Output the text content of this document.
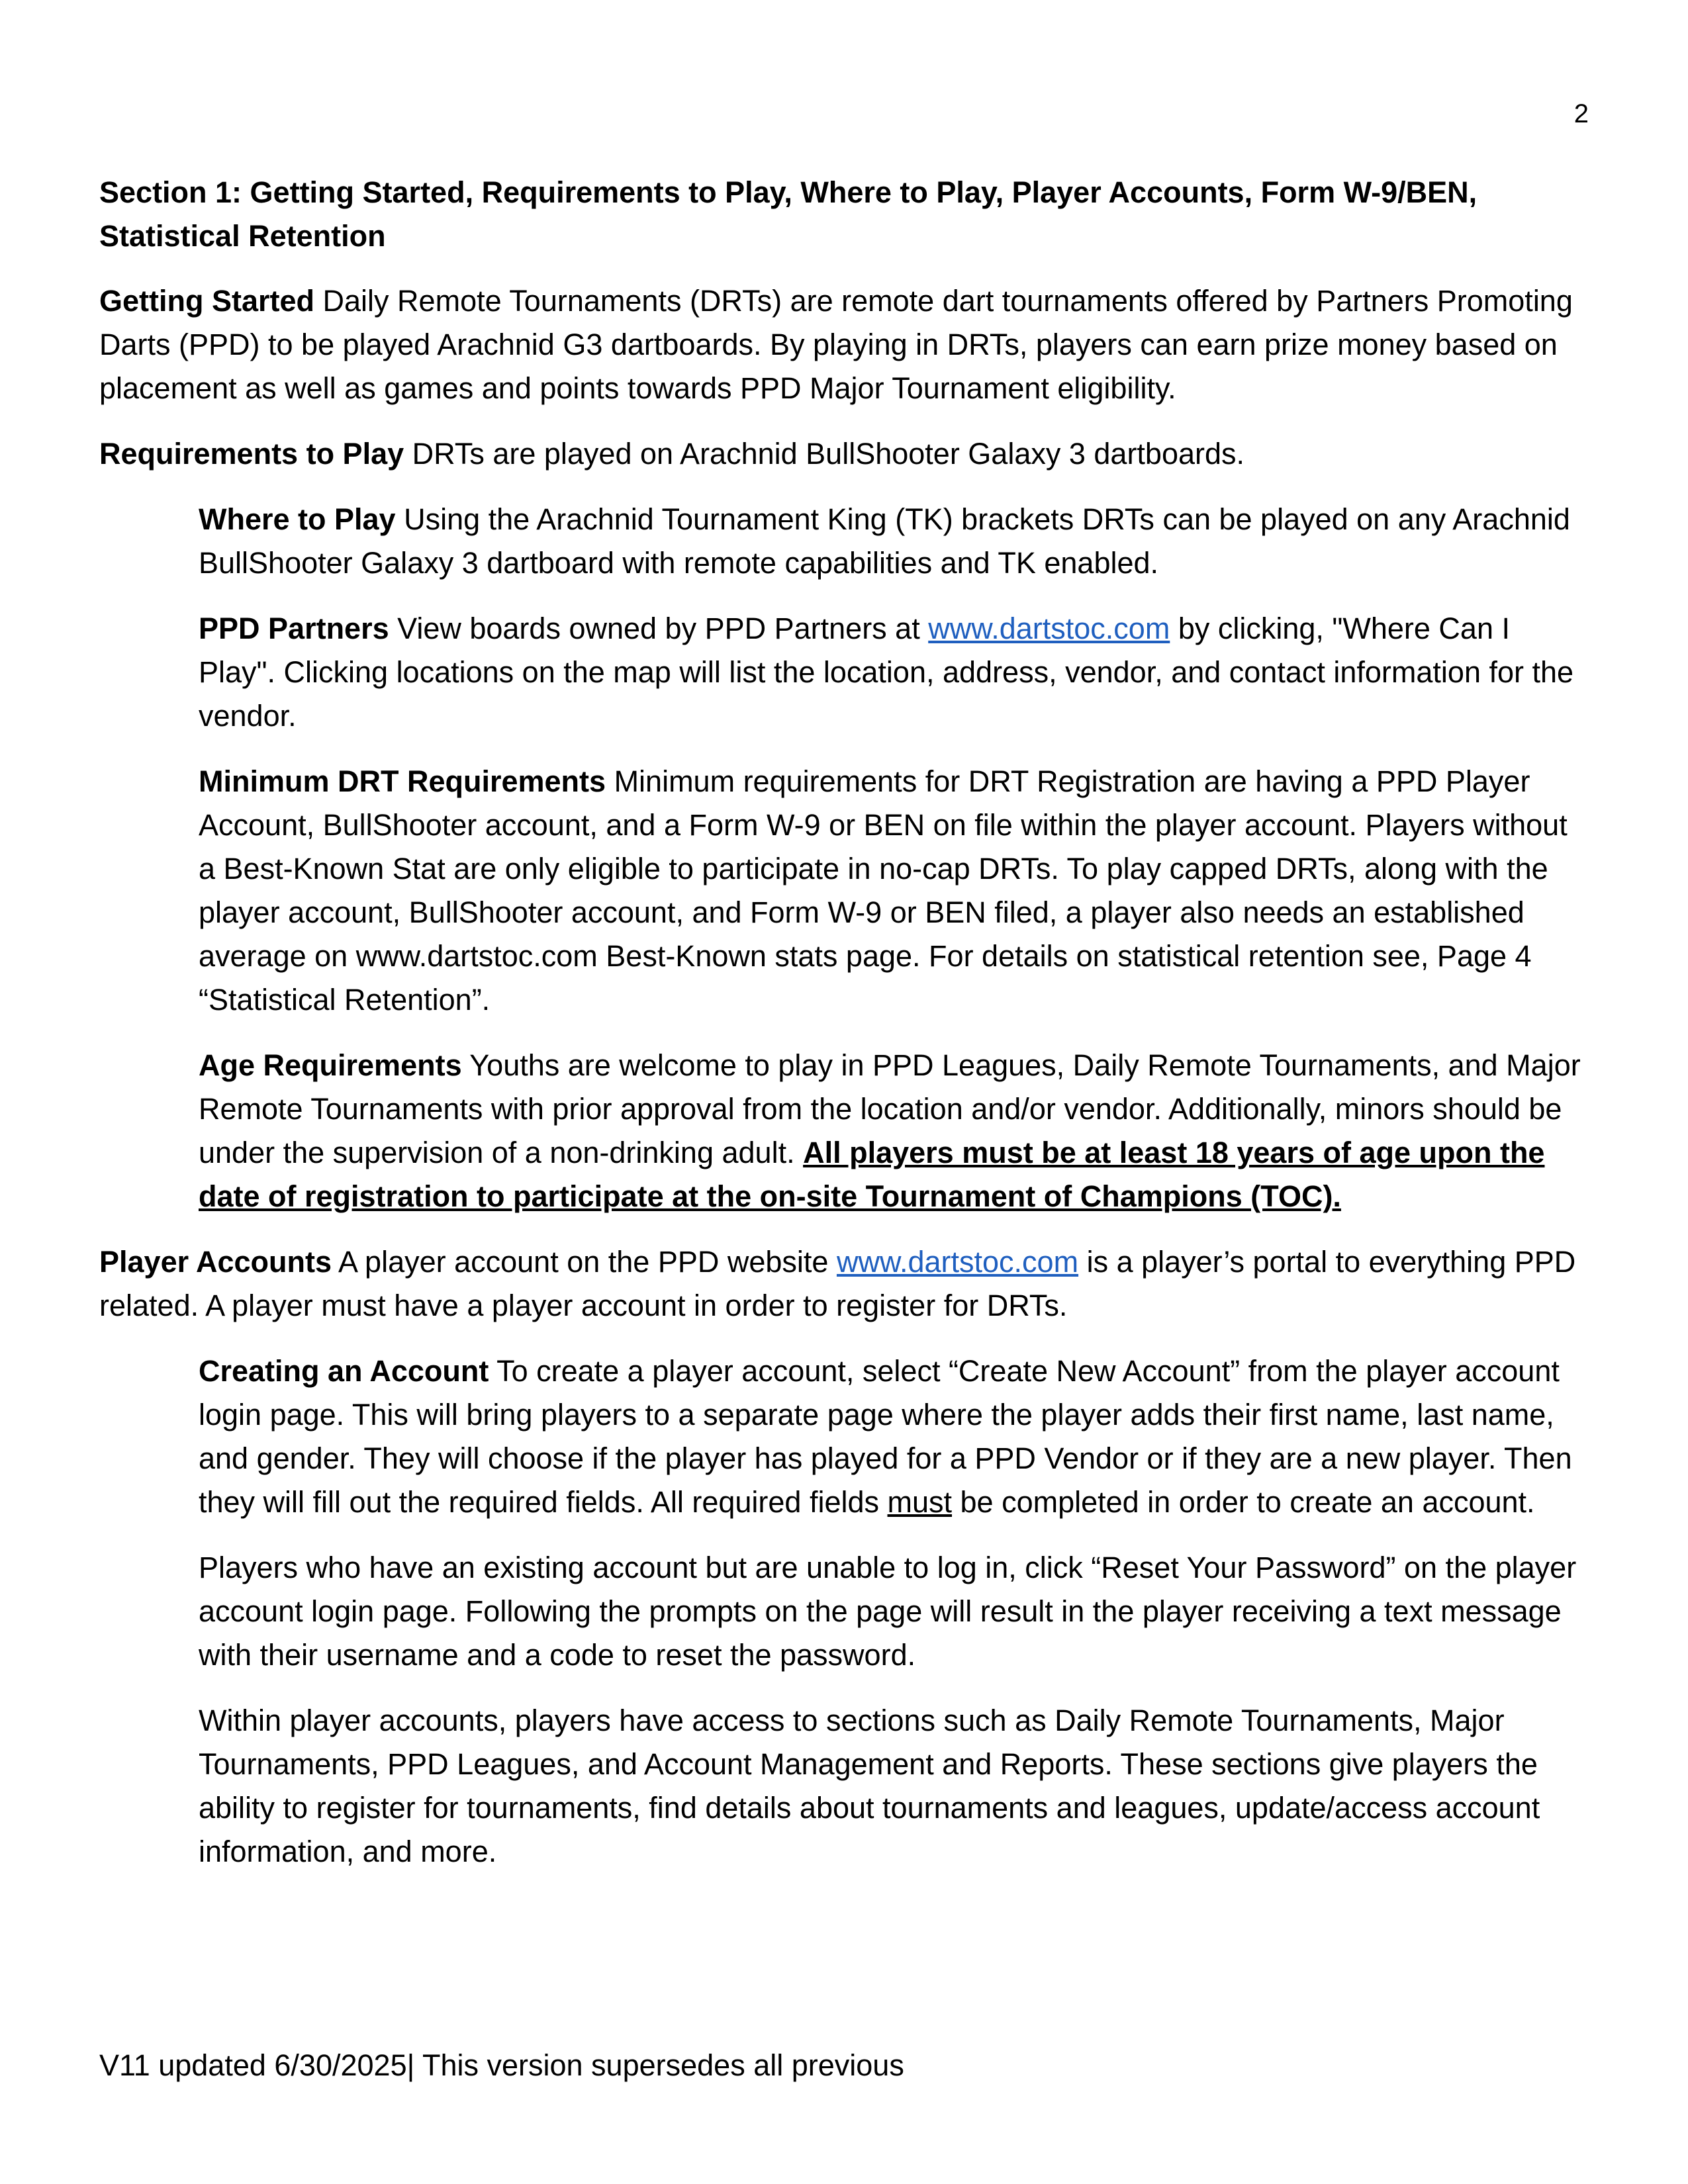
2
Section 1: Getting Started, Requirements to Play, Where to Play, Player Accounts, Form W-9/BEN, Statistical Retention

Getting Started Daily Remote Tournaments (DRTs) are remote dart tournaments offered by Partners Promoting Darts (PPD) to be played Arachnid G3 dartboards. By playing in DRTs, players can earn prize money based on placement as well as games and points towards PPD Major Tournament eligibility.

Requirements to Play DRTs are played on Arachnid BullShooter Galaxy 3 dartboards.

Where to Play Using the Arachnid Tournament King (TK) brackets DRTs can be played on any Arachnid BullShooter Galaxy 3 dartboard with remote capabilities and TK enabled.

PPD Partners View boards owned by PPD Partners at www.dartstoc.com by clicking, "Where Can I Play". Clicking locations on the map will list the location, address, vendor, and contact information for the vendor.

Minimum DRT Requirements Minimum requirements for DRT Registration are having a PPD Player Account, BullShooter account, and a Form W-9 or BEN on file within the player account. Players without a Best-Known Stat are only eligible to participate in no-cap DRTs. To play capped DRTs, along with the player account, BullShooter account, and Form W-9 or BEN filed, a player also needs an established average on www.dartstoc.com Best-Known stats page. For details on statistical retention see, Page 4 “Statistical Retention”.

Age Requirements Youths are welcome to play in PPD Leagues, Daily Remote Tournaments, and Major Remote Tournaments with prior approval from the location and/or vendor. Additionally, minors should be under the supervision of a non-drinking adult. All players must be at least 18 years of age upon the date of registration to participate at the on-site Tournament of Champions (TOC).

Player Accounts A player account on the PPD website www.dartstoc.com is a player’s portal to everything PPD related. A player must have a player account in order to register for DRTs.

Creating an Account To create a player account, select “Create New Account” from the player account login page. This will bring players to a separate page where the player adds their first name, last name, and gender. They will choose if the player has played for a PPD Vendor or if they are a new player. Then they will fill out the required fields. All required fields must be completed in order to create an account.

Players who have an existing account but are unable to log in, click “Reset Your Password” on the player account login page. Following the prompts on the page will result in the player receiving a text message with their username and a code to reset the password.

Within player accounts, players have access to sections such as Daily Remote Tournaments, Major Tournaments, PPD Leagues, and Account Management and Reports. These sections give players the ability to register for tournaments, find details about tournaments and leagues, update/access account information, and more.

V11 updated 6/30/2025| This version supersedes all previous
